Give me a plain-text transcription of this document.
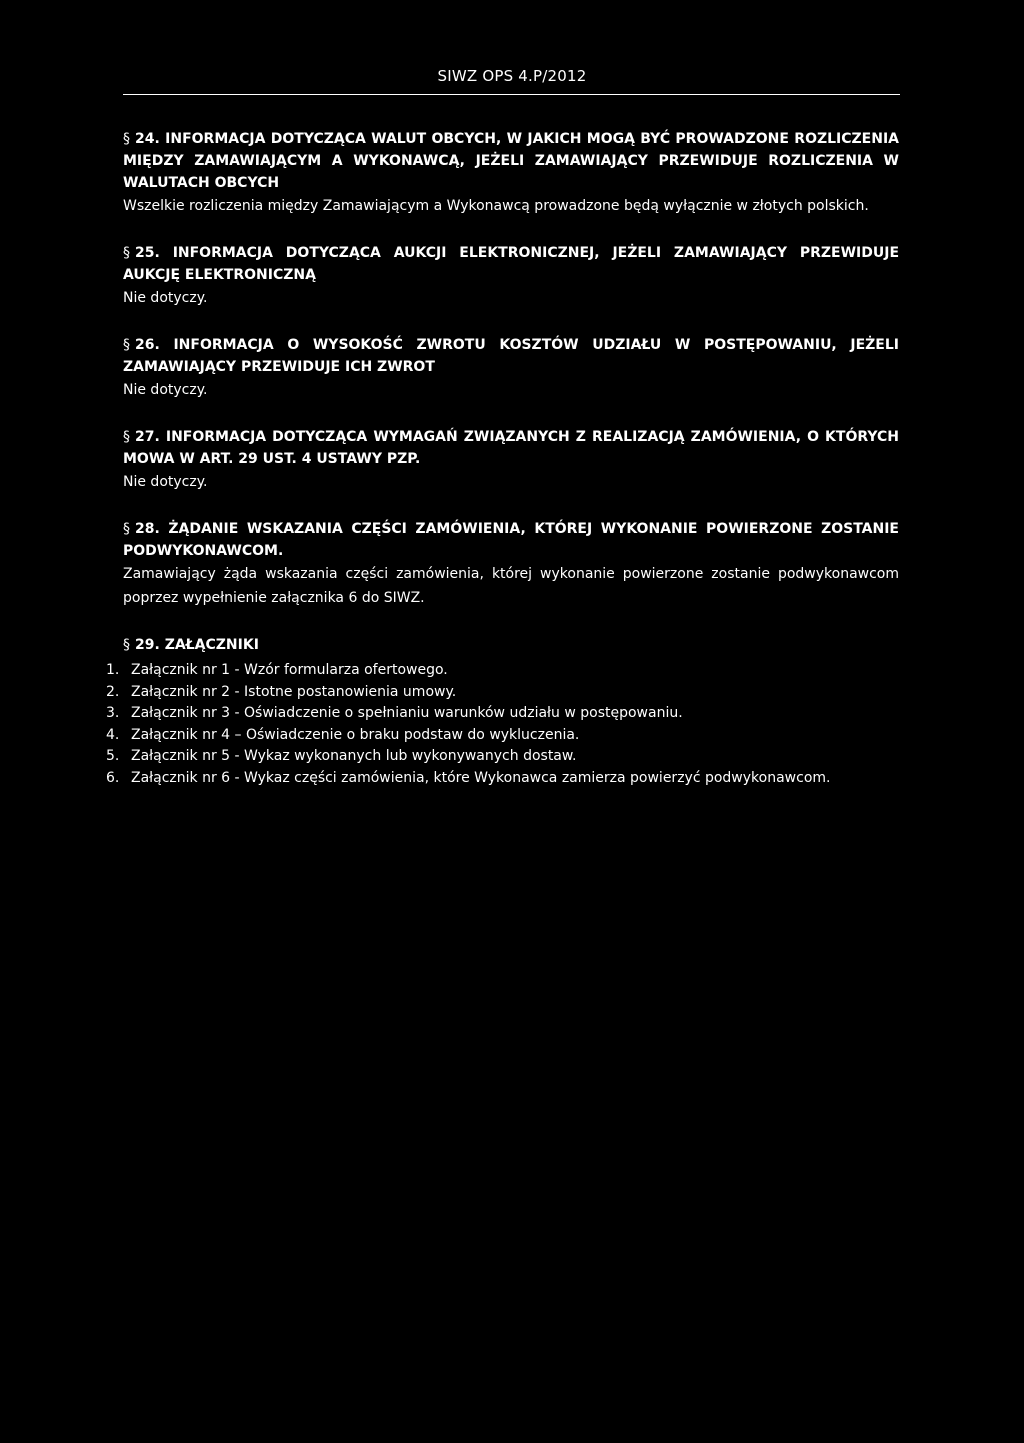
SIWZ OPS 4.P/2012
§ 24. INFORMACJA DOTYCZĄCA WALUT OBCYCH, W JAKICH MOGĄ BYĆ PROWADZONE ROZLICZENIA MIĘDZY ZAMAWIAJĄCYM A WYKONAWCĄ, JEŻELI ZAMAWIAJĄCY PRZEWIDUJE ROZLICZENIA W WALUTACH OBCYCH
Wszelkie rozliczenia między Zamawiającym a Wykonawcą prowadzone będą wyłącznie w złotych polskich.
§ 25. INFORMACJA DOTYCZĄCA AUKCJI ELEKTRONICZNEJ, JEŻELI ZAMAWIAJĄCY PRZEWIDUJE AUKCJĘ ELEKTRONICZNĄ
Nie dotyczy.
§ 26. INFORMACJA O WYSOKOŚĆ ZWROTU KOSZTÓW UDZIAŁU W POSTĘPOWANIU, JEŻELI ZAMAWIAJĄCY PRZEWIDUJE ICH ZWROT
Nie dotyczy.
§ 27. INFORMACJA DOTYCZĄCA WYMAGAŃ ZWIĄZANYCH Z REALIZACJĄ ZAMÓWIENIA, O KTÓRYCH MOWA W ART. 29 UST. 4 USTAWY PZP.
Nie dotyczy.
§ 28. ŻĄDANIE WSKAZANIA CZĘŚCI ZAMÓWIENIA, KTÓREJ WYKONANIE POWIERZONE ZOSTANIE PODWYKONAWCOM.
Zamawiający żąda wskazania części zamówienia, której wykonanie powierzone zostanie podwykonawcom poprzez wypełnienie załącznika 6 do SIWZ.
§ 29. ZAŁĄCZNIKI
1. Załącznik nr 1 - Wzór formularza ofertowego.
2. Załącznik nr 2 - Istotne postanowienia umowy.
3. Załącznik nr 3 - Oświadczenie o spełnianiu warunków udziału w postępowaniu.
4. Załącznik nr 4 – Oświadczenie o braku podstaw do wykluczenia.
5. Załącznik nr 5 - Wykaz wykonanych lub wykonywanych dostaw.
6. Załącznik nr 6 - Wykaz części zamówienia, które Wykonawca zamierza powierzyć podwykonawcom.
